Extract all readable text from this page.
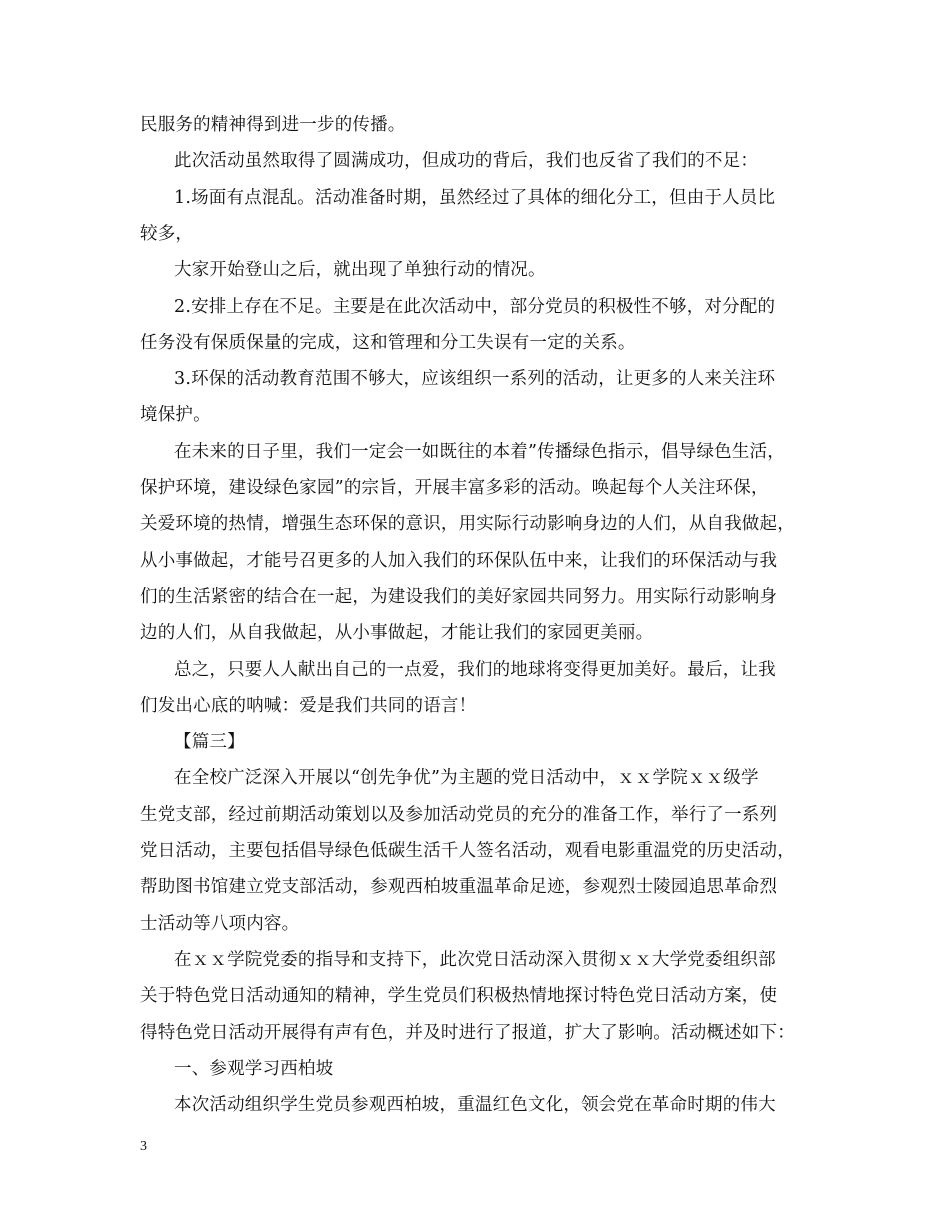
民服务的精神得到进一步的传播。
此次活动虽然取得了圆满成功，但成功的背后，我们也反省了我们的不足：
1.场面有点混乱。活动准备时期，虽然经过了具体的细化分工，但由于人员比
较多，
大家开始登山之后，就出现了单独行动的情况。
2.安排上存在不足。主要是在此次活动中，部分党员的积极性不够，对分配的
任务没有保质保量的完成，这和管理和分工失误有一定的关系。
3.环保的活动教育范围不够大，应该组织一系列的活动，让更多的人来关注环
境保护。
在未来的日子里，我们一定会一如既往的本着”传播绿色指示，倡导绿色生活，
保护环境，建设绿色家园”的宗旨，开展丰富多彩的活动。唤起每个人关注环保，
关爱环境的热情，增强生态环保的意识，用实际行动影响身边的人们，从自我做起，
从小事做起，才能号召更多的人加入我们的环保队伍中来，让我们的环保活动与我
们的生活紧密的结合在一起，为建设我们的美好家园共同努力。用实际行动影响身
边的人们，从自我做起，从小事做起，才能让我们的家园更美丽。
总之，只要人人献出自己的一点爱，我们的地球将变得更加美好。最后，让我
们发出心底的呐喊：爱是我们共同的语言！
【篇三】
在全校广泛深入开展以“创先争优”为主题的党日活动中，ｘｘ学院ｘｘ级学
生党支部，经过前期活动策划以及参加活动党员的充分的准备工作，举行了一系列
党日活动，主要包括倡导绿色低碳生活千人签名活动，观看电影重温党的历史活动，
帮助图书馆建立党支部活动，参观西柏坡重温革命足迹，参观烈士陵园追思革命烈
士活动等八项内容。
在ｘｘ学院党委的指导和支持下，此次党日活动深入贯彻ｘｘ大学党委组织部
关于特色党日活动通知的精神，学生党员们积极热情地探讨特色党日活动方案，使
得特色党日活动开展得有声有色，并及时进行了报道，扩大了影响。活动概述如下：
一、参观学习西柏坡
本次活动组织学生党员参观西柏坡，重温红色文化，领会党在革命时期的伟大
3
